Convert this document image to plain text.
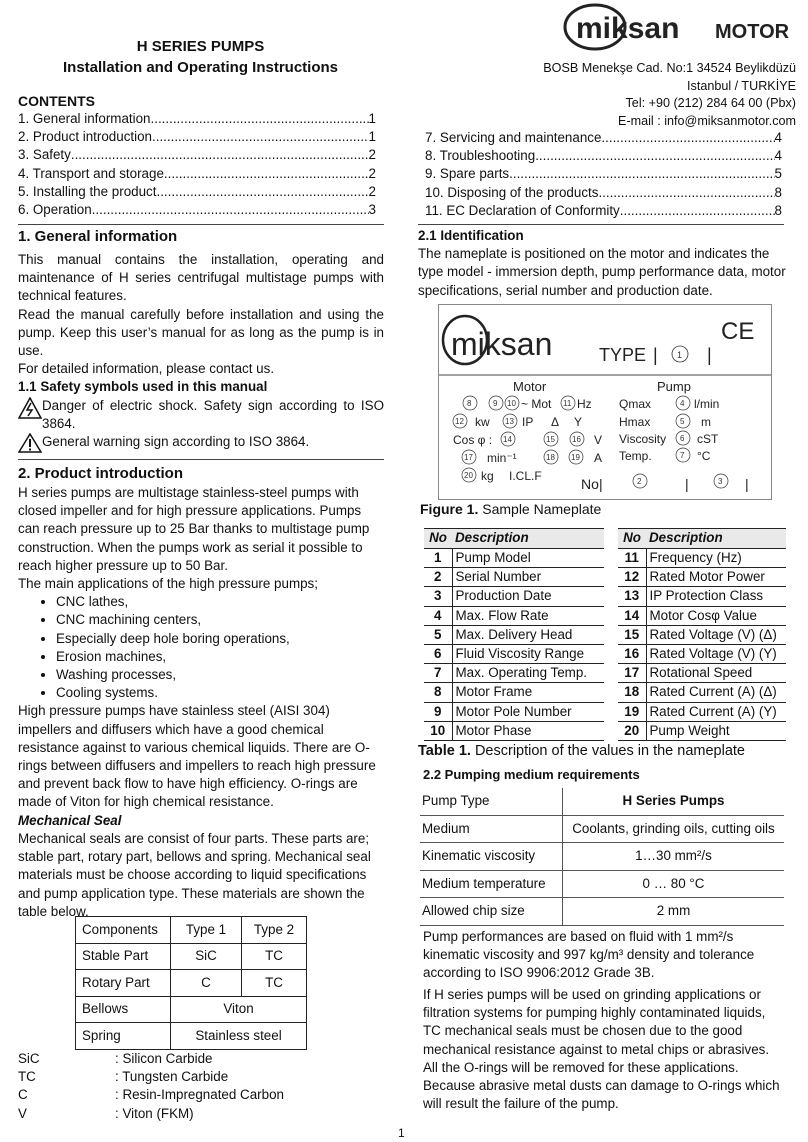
H SERIES PUMPS
Installation and Operating Instructions
miksan MOTOR
BOSB Menekşe Cad. No:1 34524 Beylikdüzü
Istanbul / TURKİYE
Tel: +90 (212) 284 64 00 (Pbx)
E-mail : info@miksanmotor.com
CONTENTS
1. General information .....	1
2. Product introduction .....	1
3. Safety .....	2
4. Transport and storage .....	2
5. Installing the product .....	2
6. Operation .....	3
7. Servicing and maintenance .....	4
8. Troubleshooting .....	4
9. Spare parts .....	5
10. Disposing of the products .....	8
11. EC Declaration of Conformity .....	8
1. General information
This manual contains the installation, operating and maintenance of H series centrifugal multistage pumps with technical features.
Read the manual carefully before installation and using the pump. Keep this user’s manual for as long as the pump is in use.
For detailed information, please contact us.
1.1 Safety symbols used in this manual
Danger of electric shock. Safety sign according to ISO 3864.
General warning sign according to ISO 3864.
2. Product introduction
H series pumps are multistage stainless-steel pumps with closed impeller and for high pressure applications. Pumps can reach pressure up to 25 Bar thanks to multistage pump construction. When the pumps work as serial it possible to reach higher pressure up to 50 Bar.
The main applications of the high pressure pumps;
• CNC lathes,
• CNC machining centers,
• Especially deep hole boring operations,
• Erosion machines,
• Washing processes,
• Cooling systems.
High pressure pumps have stainless steel (AISI 304) impellers and diffusers which have a good chemical resistance against to various chemical liquids. There are O-rings between diffusers and impellers to reach high pressure and prevent back flow to have high efficiency. O-rings are made of Viton for high chemical resistance.
Mechanical Seal
Mechanical seals are consist of four parts. These parts are; stable part, rotary part, bellows and spring. Mechanical seal materials must be choose according to liquid specifications and pump application type. These materials are shown the table below.
Components	Type 1	Type 2
Stable Part	SiC	TC
Rotary Part	C	TC
Bellows	Viton	
Spring	Stainless steel	
SiC	: Silicon Carbide
TC	: Tungsten Carbide
C	: Resin-Impregnated Carbon
V	: Viton (FKM)
2.1 Identification
The nameplate is positioned on the motor and indicates the type model - immersion depth, pump performance data, motor specifications, serial number and production date.
miksan	TYPE | 1 |
CE
Motor	Pump
8	9 10	11
12	13
14	15 16
17	18 19
20
4
5
6
7
2	3
~ Mot Hz
kw	IP Δ Y
Cos φ :	V
min⁻¹	A
kg I.CL.F
Qmax	l/min
Hmax	m
Viscosity	cST
Temp.	°C
No |	|	|
Figure 1. Sample Nameplate
No	Description
1	Pump Model
2	Serial Number
3	Production Date
4	Max. Flow Rate
5	Max. Delivery Head
6	Fluid Viscosity Range
7	Max. Operating Temp.
8	Motor Frame
9	Motor Pole Number
10	Motor Phase
No	Description
11	Frequency (Hz)
12	Rated Motor Power
13	IP Protection Class
14	Motor Cosφ Value
15	Rated Voltage (V) (Δ)
16	Rated Voltage (V) (Y)
17	Rotational Speed
18	Rated Current (A) (Δ)
19	Rated Current (A) (Y)
20	Pump Weight
Table 1. Description of the values in the nameplate
2.2 Pumping medium requirements
Pump Type	H Series Pumps
Medium	Coolants, grinding oils, cutting oils
Kinematic viscosity	1…30 mm²/s
Medium temperature	0 … 80 °C
Allowed chip size	2 mm
Pump performances are based on fluid with 1 mm²/s kinematic viscosity and 997 kg/m³ density and tolerance according to ISO 9906:2012 Grade 3B.
If H series pumps will be used on grinding applications or filtration systems for pumping highly contaminated liquids, TC mechanical seals must be chosen due to the good mechanical resistance against to metal chips or abrasives. All the O-rings will be removed for these applications. Because abrasive metal dusts can damage to O-rings which will result the failure of the pump.
1
